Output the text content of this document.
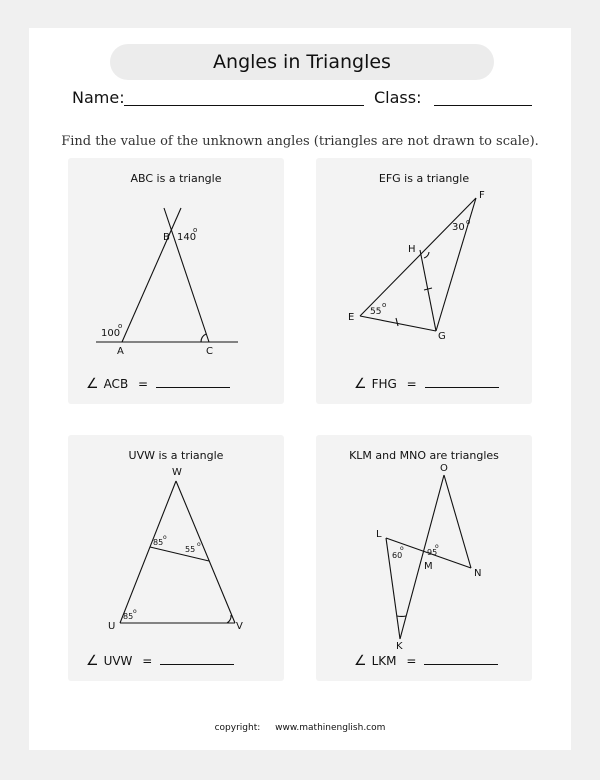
Angles in Triangles
Name:	Class:
Find the value of the unknown angles (triangles are not drawn to scale).
ABC is a triangle
B 140
o
100
o
A	C
∠ ACB =
EFG is a triangle
F
30 o
H
E 55
o
G
∠ FHG =
UVW is a triangle
W
85
o
55
o
85
o
U	V
∠ UVW =
KLM and MNO are triangles
O
L
60
o
M
95
o
N
K
∠ LKM =
copyright: www.mathinenglish.com
